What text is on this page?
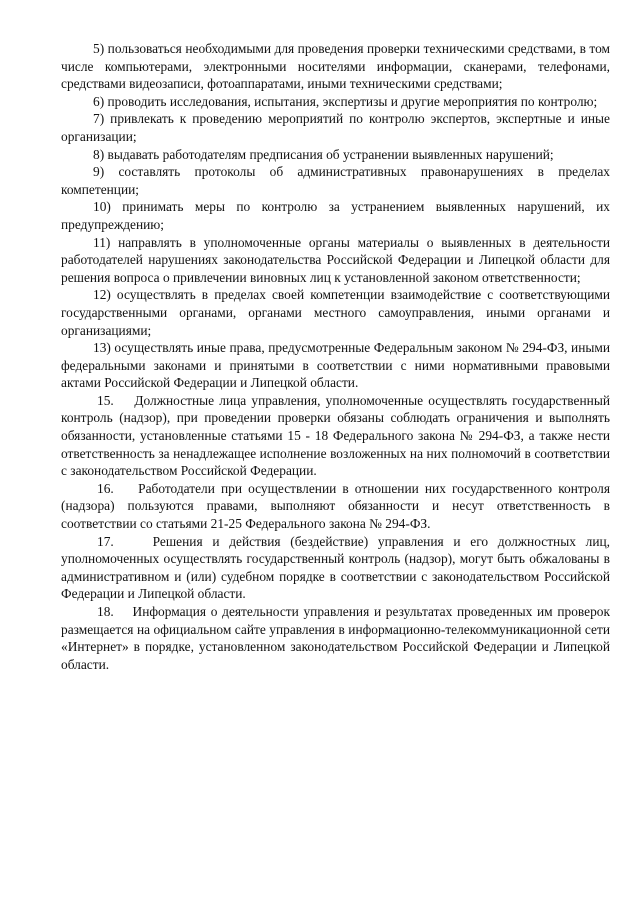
5) пользоваться необходимыми для проведения проверки техническими средствами, в том числе компьютерами, электронными носителями информации, сканерами, телефонами, средствами видеозаписи, фотоаппаратами, иными техническими средствами;

6) проводить исследования, испытания, экспертизы и другие мероприятия по контролю;

7) привлекать к проведению мероприятий по контролю экспертов, экспертные и иные организации;

8) выдавать работодателям предписания об устранении выявленных нарушений;

9) составлять протоколы об административных правонарушениях в пределах компетенции;

10) принимать меры по контролю за устранением выявленных нарушений, их предупреждению;

11) направлять в уполномоченные органы материалы о выявленных в деятельности работодателей нарушениях законодательства Российской Федерации и Липецкой области для решения вопроса о привлечении виновных лиц к установленной законом ответственности;

12) осуществлять в пределах своей компетенции взаимодействие с соответствующими государственными органами, органами местного самоуправления, иными органами и организациями;

13) осуществлять иные права, предусмотренные Федеральным законом № 294-ФЗ, иными федеральными законами и принятыми в соответствии с ними нормативными правовыми актами Российской Федерации и Липецкой области.

15.    Должностные лица управления, уполномоченные осуществлять государственный контроль (надзор), при проведении проверки обязаны соблюдать ограничения и выполнять обязанности, установленные статьями 15 - 18 Федерального закона № 294-ФЗ, а также нести ответственность за ненадлежащее исполнение возложенных на них полномочий в соответствии с законодательством Российской Федерации.

16.    Работодатели при осуществлении в отношении них государственного контроля (надзора) пользуются правами, выполняют обязанности и несут ответственность в соответствии со статьями 21-25 Федерального закона № 294-ФЗ.

17.    Решения и действия (бездействие) управления и его должностных лиц, уполномоченных осуществлять государственный контроль (надзор), могут быть обжалованы в административном и (или) судебном порядке в соответствии с законодательством Российской Федерации и Липецкой области.

18.    Информация о деятельности управления и результатах проведенных им проверок размещается на официальном сайте управления в информационно-телекоммуникационной сети «Интернет» в порядке, установленном законодательством Российской Федерации и Липецкой области.
